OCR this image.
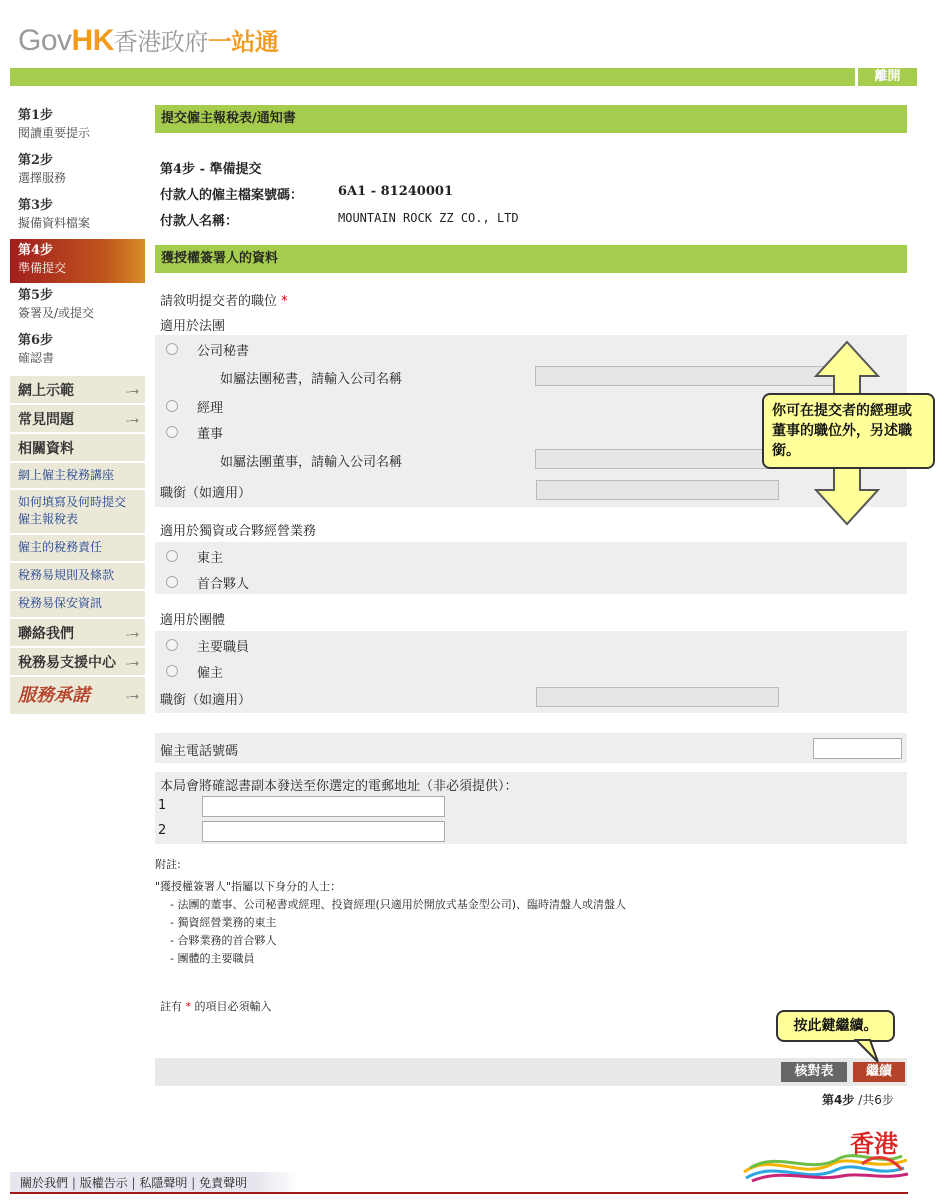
GovHK香港政府一站通
離開
第1步
閱讀重要提示
第2步
選擇服務
第3步
擬備資料檔案
第4步
準備提交
第5步
簽署及/或提交
第6步
確認書
網上示範	-→
常見問題	-→
相關資料
網上僱主稅務講座
如何填寫及何時提交僱主報稅表
僱主的稅務責任
稅務易規則及條款
稅務易保安資訊
聯絡我們	-→
稅務易支援中心 -→
服務承諾	-→
提交僱主報稅表/通知書
第4步 - 準備提交
付款人的僱主檔案號碼：	6A1 - 81240001
付款人名稱：	MOUNTAIN ROCK ZZ CO., LTD
獲授權簽署人的資料
請敘明提交者的職位 *
適用於法團
公司秘書
如屬法團秘書，請輸入公司名稱
經理
董事
如屬法團董事，請輸入公司名稱
職銜（如適用）
適用於獨資或合夥經營業務
東主
首合夥人
適用於團體
主要職員
僱主
職銜（如適用）
僱主電話號碼
本局會將確認書副本發送至你選定的電郵地址（非必須提供）：
1
2
附註:
"獲授權簽署人"指屬以下身分的人士：
- 法團的董事、公司秘書或經理、投資經理(只適用於開放式基金型公司)、臨時清盤人或清盤人
- 獨資經營業務的東主
- 合夥業務的首合夥人
- 團體的主要職員
註有 * 的項目必須輸入
核對表	繼續
第4步 /共6步
你可在提交者的經理或董事的職位外，另述職銜。
按此鍵繼續。
香港
關於我們 | 版權告示 | 私隱聲明 | 免責聲明
